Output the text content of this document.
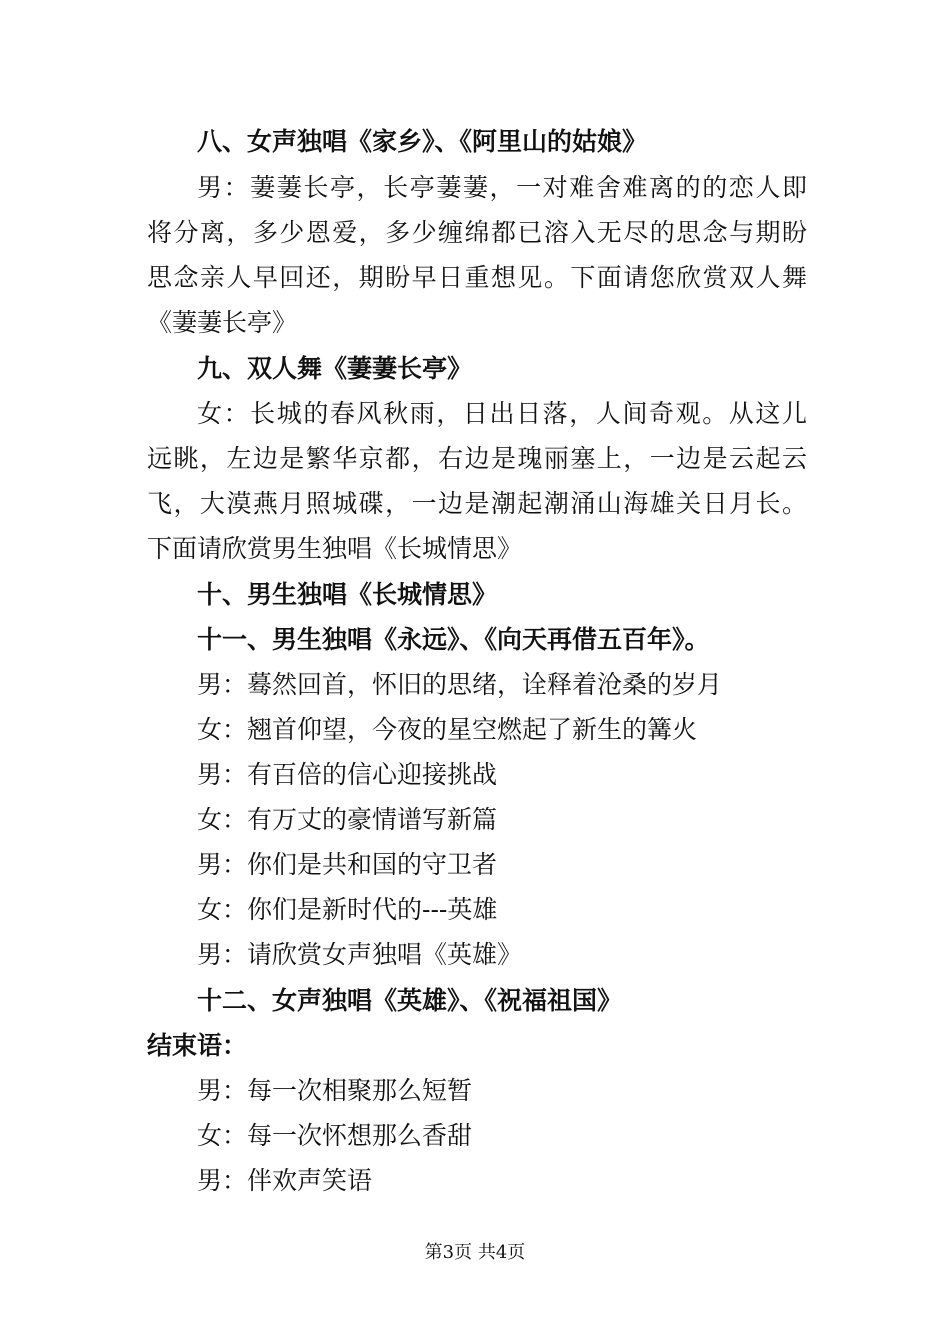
八、女声独唱《家乡》、《阿里山的姑娘》
男：萋萋长亭，长亭萋萋，一对难舍难离的的恋人即
将分离，多少恩爱，多少缠绵都已溶入无尽的思念与期盼
思念亲人早回还，期盼早日重想见。下面请您欣赏双人舞
《萋萋长亭》
九、双人舞《萋萋长亭》
女：长城的春风秋雨，日出日落，人间奇观。从这儿
远眺，左边是繁华京都，右边是瑰丽塞上，一边是云起云
飞，大漠燕月照城碟，一边是潮起潮涌山海雄关日月长。
下面请欣赏男生独唱《长城情思》
十、男生独唱《长城情思》
十一、男生独唱《永远》、《向天再借五百年》。
男：蓦然回首，怀旧的思绪，诠释着沧桑的岁月
女：翘首仰望，今夜的星空燃起了新生的篝火
男：有百倍的信心迎接挑战
女：有万丈的豪情谱写新篇
男：你们是共和国的守卫者
女：你们是新时代的---英雄
男：请欣赏女声独唱《英雄》
十二、女声独唱《英雄》、《祝福祖国》
结束语：
男：每一次相聚那么短暂
女：每一次怀想那么香甜
男：伴欢声笑语
第3页 共4页
